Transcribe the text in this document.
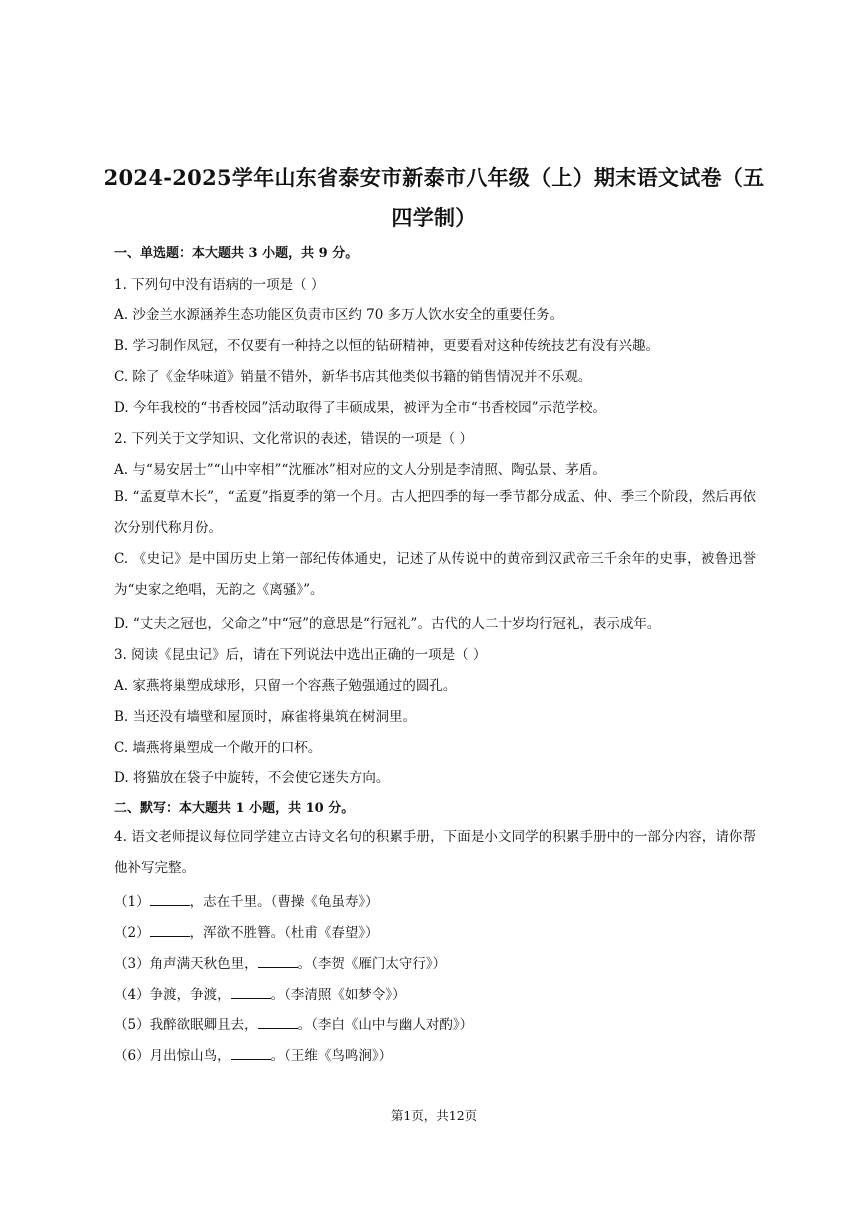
2024-2025学年山东省泰安市新泰市八年级（上）期末语文试卷（五四学制）
一、单选题：本大题共 3 小题，共 9 分。
1. 下列句中没有语病的一项是（ ）
A. 沙金兰水源涵养生态功能区负责市区约 70 多万人饮水安全的重要任务。
B. 学习制作凤冠，不仅要有一种持之以恒的钻研精神，更要看对这种传统技艺有没有兴趣。
C. 除了《金华味道》销量不错外，新华书店其他类似书籍的销售情况并不乐观。
D. 今年我校的“书香校园”活动取得了丰硕成果，被评为全市“书香校园”示范学校。
2. 下列关于文学知识、文化常识的表述，错误的一项是（ ）
A. 与“易安居士”“山中宰相”“沈雁冰”相对应的文人分别是李清照、陶弘景、茅盾。
B. “孟夏草木长”，“孟夏”指夏季的第一个月。古人把四季的每一季节都分成孟、仲、季三个阶段，然后再依次分别代称月份。
C. 《史记》是中国历史上第一部纪传体通史，记述了从传说中的黄帝到汉武帝三千余年的史事，被鲁迅誉为“史家之绝唱，无韵之《离骚》”。
D. “丈夫之冠也，父命之”中“冠”的意思是“行冠礼”。古代的人二十岁均行冠礼，表示成年。
3. 阅读《昆虫记》后，请在下列说法中选出正确的一项是（ ）
A. 家燕将巢塑成球形，只留一个容燕子勉强通过的圆孔。
B. 当还没有墙壁和屋顶时，麻雀将巢筑在树洞里。
C. 墙燕将巢塑成一个敞开的口杯。
D. 将猫放在袋子中旋转，不会使它迷失方向。
二、默写：本大题共 1 小题，共 10 分。
4. 语文老师提议每位同学建立古诗文名句的积累手册，下面是小文同学的积累手册中的一部分内容，请你帮他补写完整。
（1）	，志在千里。（曹操《龟虽寿》）
（2）	，浑欲不胜簪。（杜甫《春望》）
（3）角声满天秋色里，	。（李贺《雁门太守行》）
（4）争渡，争渡，	。（李清照《如梦令》）
（5）我醉欲眠卿且去，	。（李白《山中与幽人对酌》）
（6）月出惊山鸟，	。（王维《鸟鸣涧》）
第1页，共12页
